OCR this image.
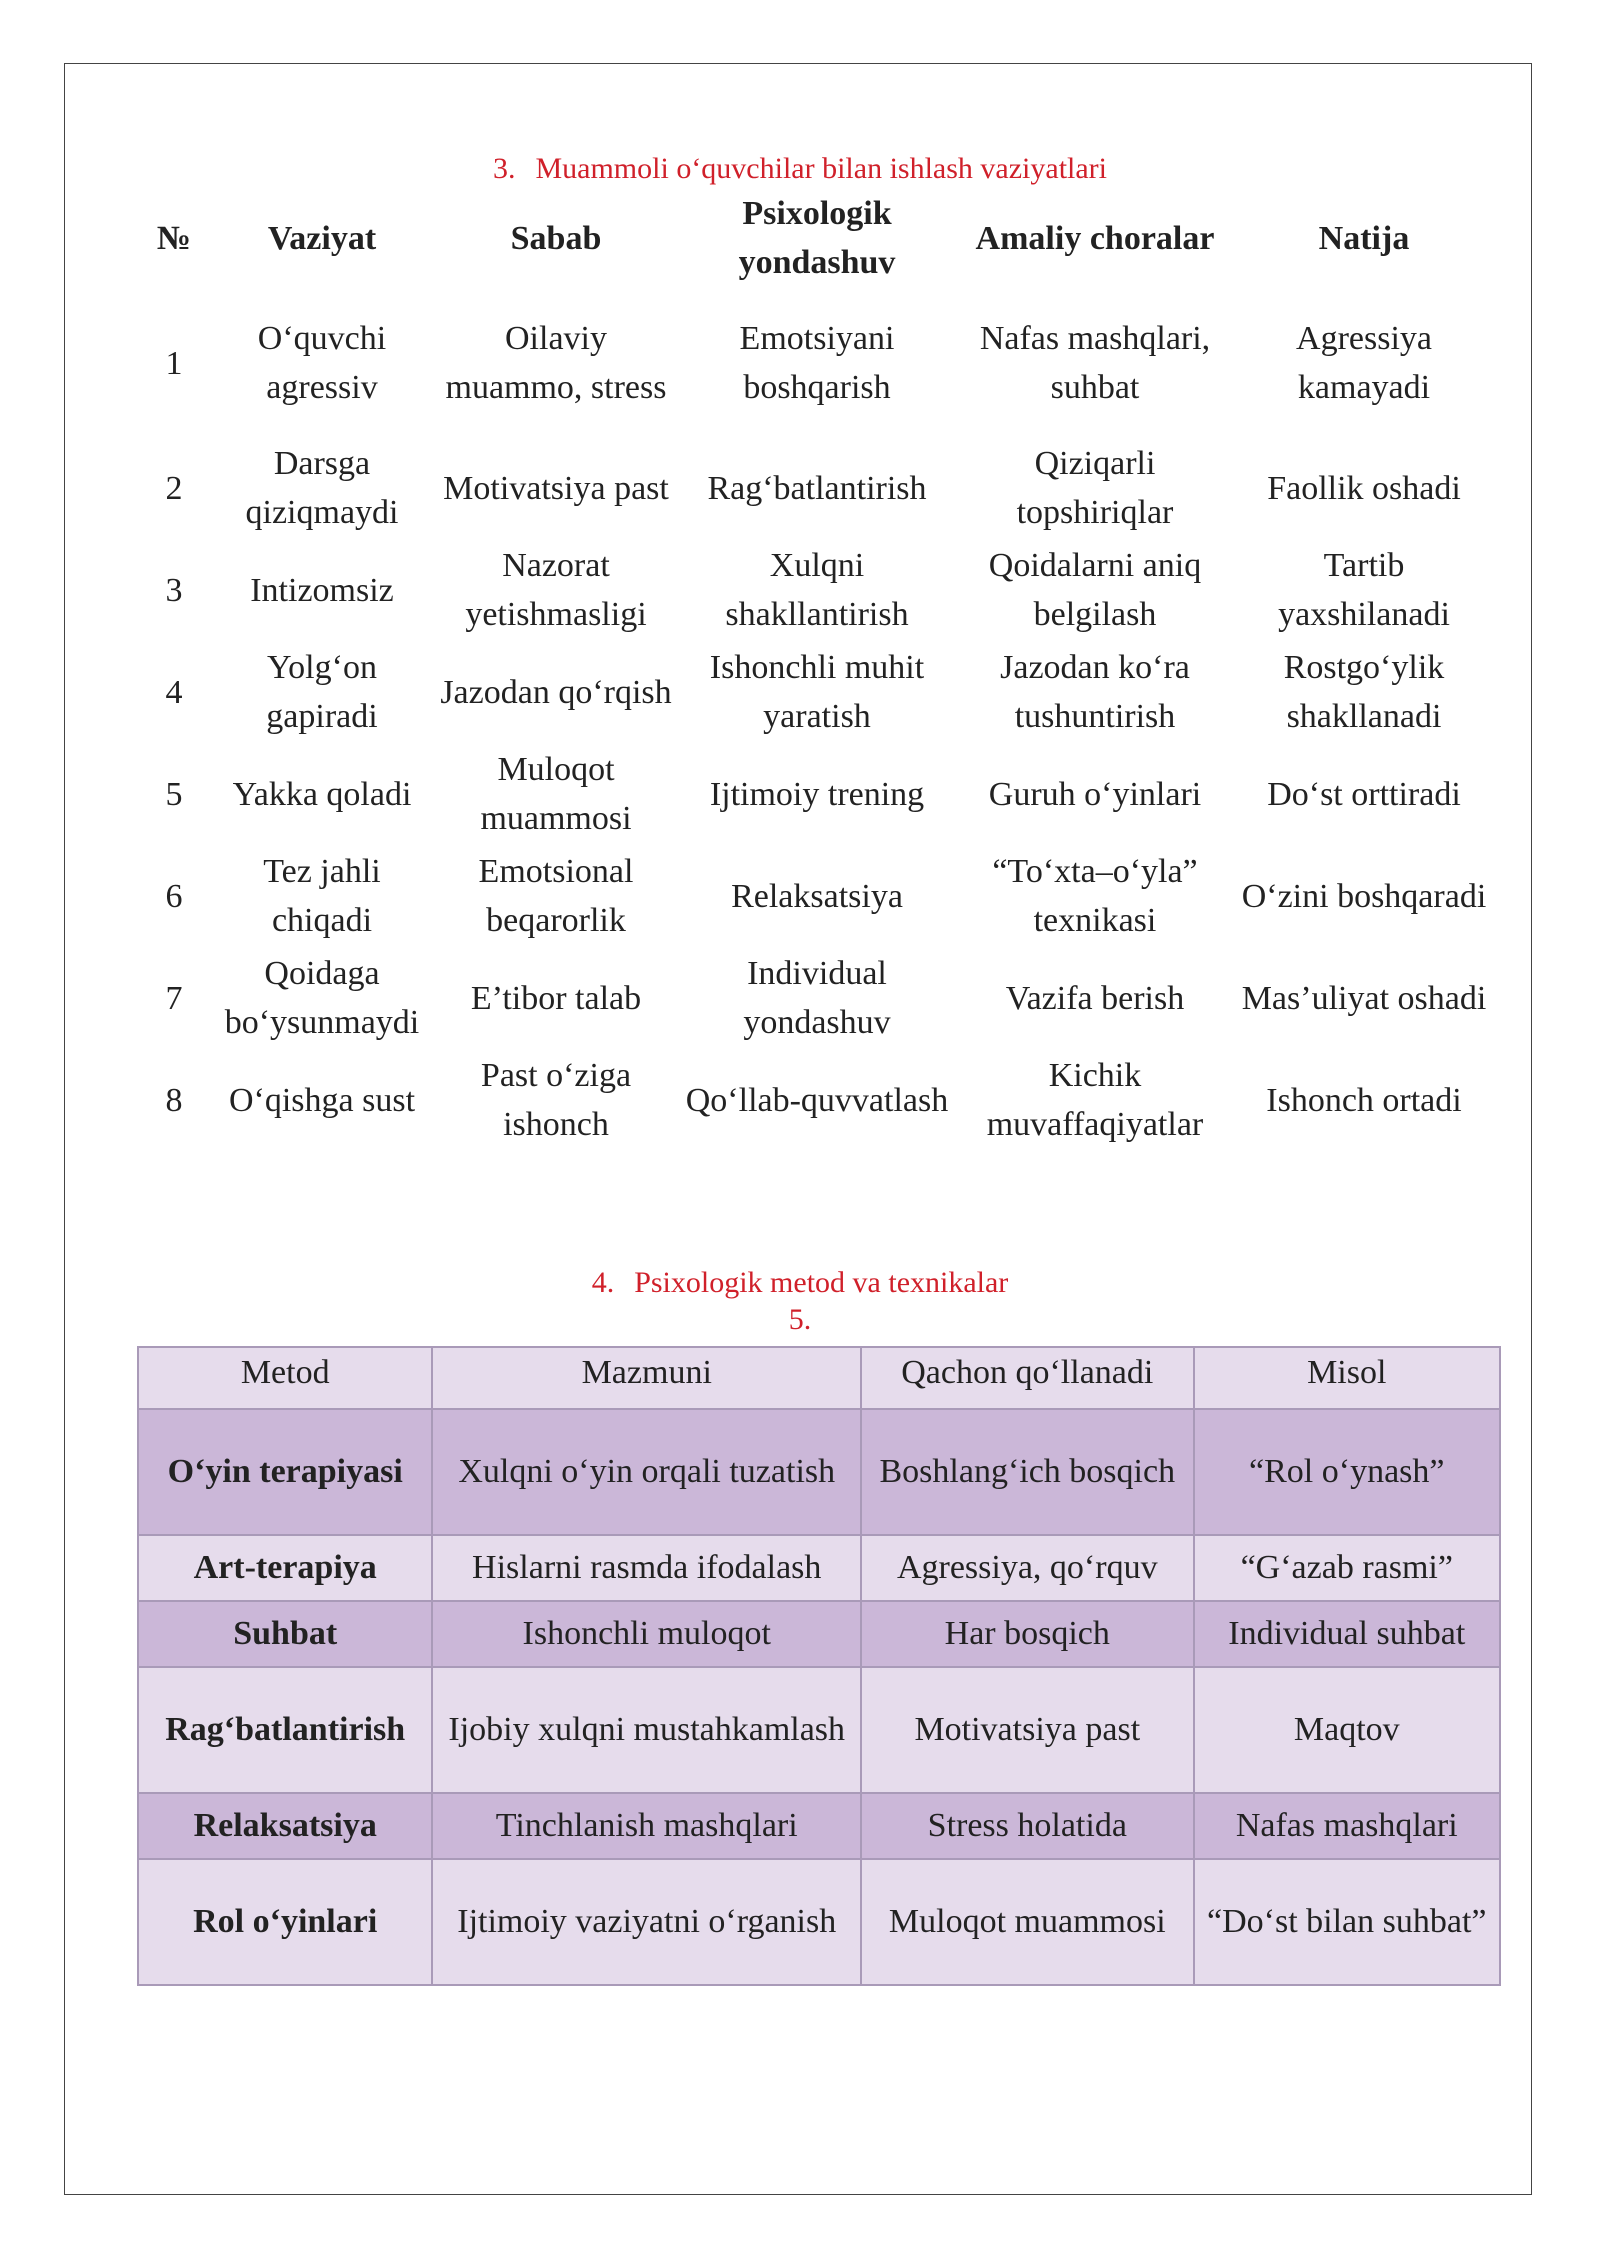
3. Muammoli o‘quvchilar bilan ishlash vaziyatlari
№	Vaziyat	Sabab	Psixologik yondashuv	Amaliy choralar	Natija
1	O‘quvchi agressiv	Oilaviy muammo, stress	Emotsiyani boshqarish	Nafas mashqlari, suhbat	Agressiya kamayadi
2	Darsga qiziqmaydi	Motivatsiya past	Rag‘batlantirish	Qiziqarli topshiriqlar	Faollik oshadi
3	Intizomsiz	Nazorat yetishmasligi	Xulqni shakllantirish	Qoidalarni aniq belgilash	Tartib yaxshilanadi
4	Yolg‘on gapiradi	Jazodan qo‘rqish	Ishonchli muhit yaratish	Jazodan ko‘ra tushuntirish	Rostgo‘ylik shakllanadi
5	Yakka qoladi	Muloqot muammosi	Ijtimoiy trening	Guruh o‘yinlari	Do‘st orttiradi
6	Tez jahli chiqadi	Emotsional beqarorlik	Relaksatsiya	“To‘xta–o‘yla” texnikasi	O‘zini boshqaradi
7	Qoidaga bo‘ysunmaydi	E’tibor talab	Individual yondashuv	Vazifa berish	Mas’uliyat oshadi
8	O‘qishga sust	Past o‘ziga ishonch	Qo‘llab-quvvatlash	Kichik muvaffaqiyatlar	Ishonch ortadi
4. Psixologik metod va texnikalar
5.
Metod	Mazmuni	Qachon qo‘llanadi	Misol
O‘yin terapiyasi	Xulqni o‘yin orqali tuzatish	Boshlang‘ich bosqich	“Rol o‘ynash”
Art-terapiya	Hislarni rasmda ifodalash	Agressiya, qo‘rquv	“G‘azab rasmi”
Suhbat	Ishonchli muloqot	Har bosqich	Individual suhbat
Rag‘batlantirish	Ijobiy xulqni mustahkamlash	Motivatsiya past	Maqtov
Relaksatsiya	Tinchlanish mashqlari	Stress holatida	Nafas mashqlari
Rol o‘yinlari	Ijtimoiy vaziyatni o‘rganish	Muloqot muammosi	“Do‘st bilan suhbat”
